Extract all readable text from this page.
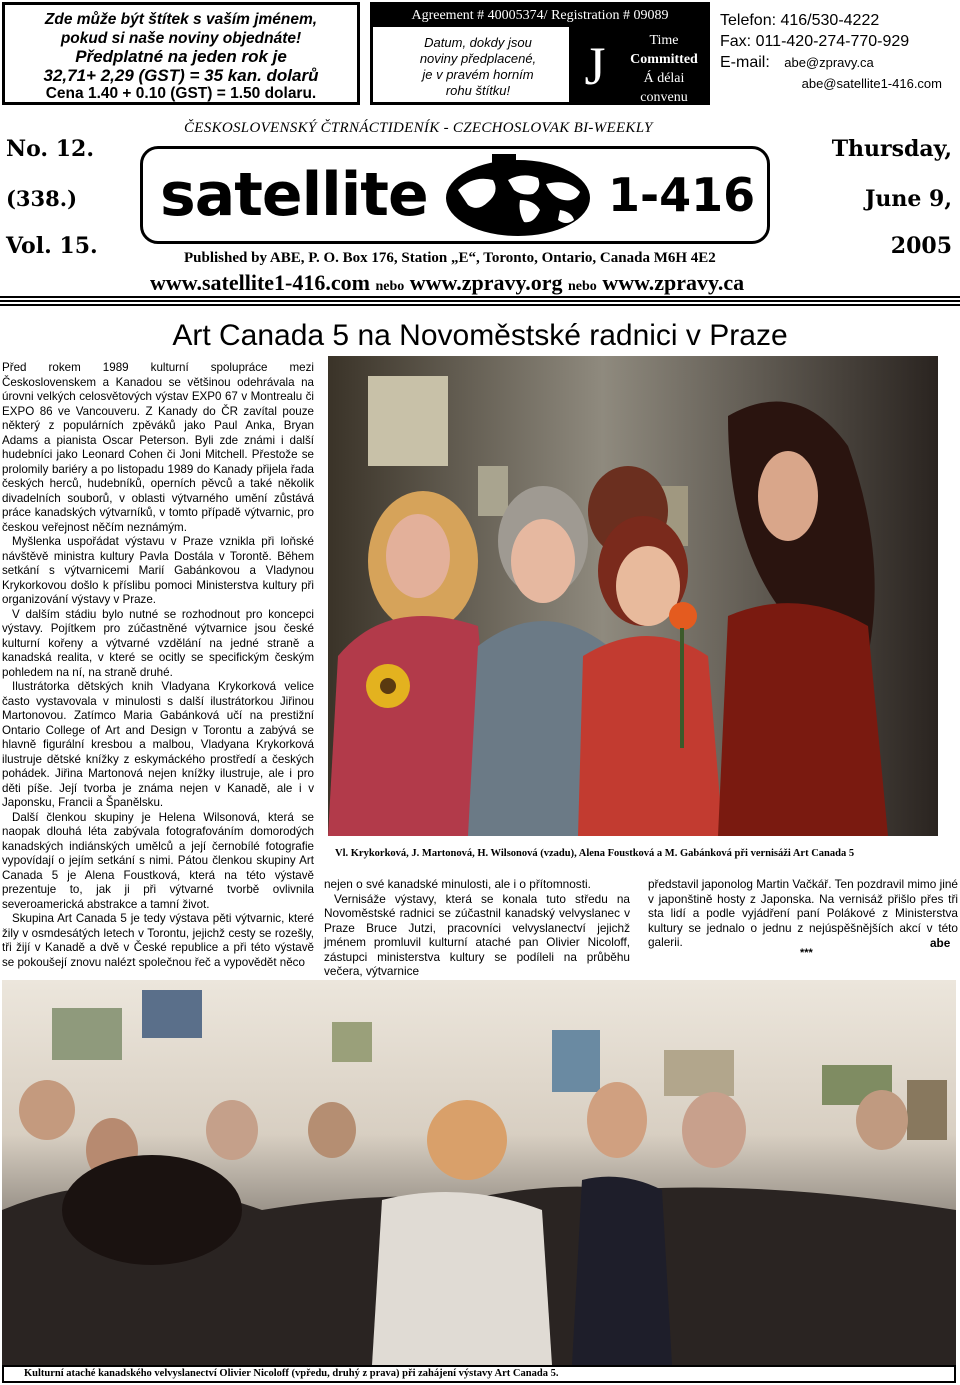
Zde může být štítek s vaším jménem,
pokud si naše noviny objednáte!
Předplatné na jeden rok je
32,71+ 2,29 (GST) = 35 kan. dolarů
Cena 1.40 + 0.10 (GST) = 1.50 dolaru.
Agreement # 40005374/ Registration # 09089
Datum, dokdy jsou
noviny předplacené,
je v pravém horním
rohu štítku!	J	Time
Committed
Á délai
convenu
Telefon: 416/530-4222
Fax: 011-420-274-770-929
E-mail: abe@zpravy.ca
abe@satellite1-416.com
ČESKOSLOVENSKÝ ČTRNÁCTIDENÍK - CZECHOSLOVAK BI-WEEKLY
satellite	1-416
No. 12.
(338.)
Vol. 15.
Thursday,
June 9,
2005
Published by ABE, P. O. Box 176, Station „E“, Toronto, Ontario, Canada M6H 4E2
www.satellite1-416.com nebo www.zpravy.org nebo www.zpravy.ca
Art Canada 5 na Novoměstské radnici v Praze

Před rokem 1989 kulturní spolupráce mezi Československem a Kanadou se většinou odehrávala na úrovni velkých celosvětových výstav EXP0 67 v Montrealu či EXPO 86 ve Vancouveru. Z Kanady do ČR zavítal pouze některý z populárních zpěváků jako Paul Anka, Bryan Adams a pianista Oscar Peterson. Byli zde známi i další hudebníci jako Leonard Cohen či Joni Mitchell. Přestože se prolomily bariéry a po listopadu 1989 do Kanady přijela řada českých herců, hudebníků, operních pěvců a také několik divadelních souborů, v oblasti výtvarného umění zůstává práce kanadských výtvarníků, v tomto případě výtvarnic, pro českou veřejnost něčím neznámým.

Myšlenka uspořádat výstavu v Praze vznikla při loňské návštěvě ministra kultury Pavla Dostála v Torontě. Během setkání s výtvarnicemi Marií Gabánkovou a Vladynou Krykorkovou došlo k příslibu pomoci Ministerstva kultury při organizování výstavy v Praze.

V dalším stádiu bylo nutné se rozhodnout pro koncepci výstavy. Pojítkem pro zúčastněné výtvarnice jsou české kulturní kořeny a výtvarné vzdělání na jedné straně a kanadská realita, v které se ocitly se specifickým českým pohledem na ní, na straně druhé.

Ilustrátorka dětských knih Vladyana Krykorková velice často vystavovala v minulosti s další ilustrátorkou Jiřinou Martonovou. Zatímco Maria Gabánková učí na prestižní Ontario College of Art and Design v Torontu a zabývá se hlavně figurální kresbou a malbou, Vladyana Krykorková ilustruje dětské knížky z eskymáckého prostředí a českých pohádek. Jiřina Martonová nejen knížky ilustruje, ale i pro děti píše. Její tvorba je známa nejen v Kanadě, ale i v Japonsku, Francii a Španělsku.

Další členkou skupiny je Helena Wilsonová, která se naopak dlouhá léta zabývala fotografováním domorodých kanadských indiánských umělců a její černobílé fotografie vypovídají o jejím setkání s nimi. Pátou členkou skupiny Art Canada 5 je Alena Foustková, která na této výstavě prezentuje to, jak ji při výtvarné tvorbě ovlivnila severoamerická abstrakce a tamní život.

Skupina Art Canada 5 je tedy výstava pěti výtvarnic, které žily v osmdesátých letech v Torontu, jejichž cesty se rozešly, tři žijí v Kanadě a dvě v České republice a při této výstavě se pokoušejí znovu nalézt společnou řeč a vypovědět něco

Vl. Krykorková, J. Martonová, H. Wilsonová (vzadu), Alena Foustková a M. Gabánková při vernisáži Art Canada 5

nejen o své kanadské minulosti, ale i o přítomnosti.

Vernisáže výstavy, která se konala tuto středu na Novoměstské radnici se zúčastnil kanadský velvyslanec v Praze Bruce Jutzi, pracovníci velvyslanectví jejichž jménem promluvil kulturní ataché pan Olivier Nicoloff, zástupci ministerstva kultury se podíleli na průběhu večera, výtvarnice

představil japonolog Martin Vačkář. Ten pozdravil mimo jiné v japonštině hosty z Japonska. Na vernisáž přišlo přes tři sta lidí a podle vyjádření paní Polákové z Ministerstva kultury se jednalo o jednu z nejúspěšnějších akcí v této galerii.	abe
***
Kulturní ataché kanadského velvyslanectví Olivier Nicoloff (vpředu, druhý z prava) při zahájení výstavy Art Canada 5.
